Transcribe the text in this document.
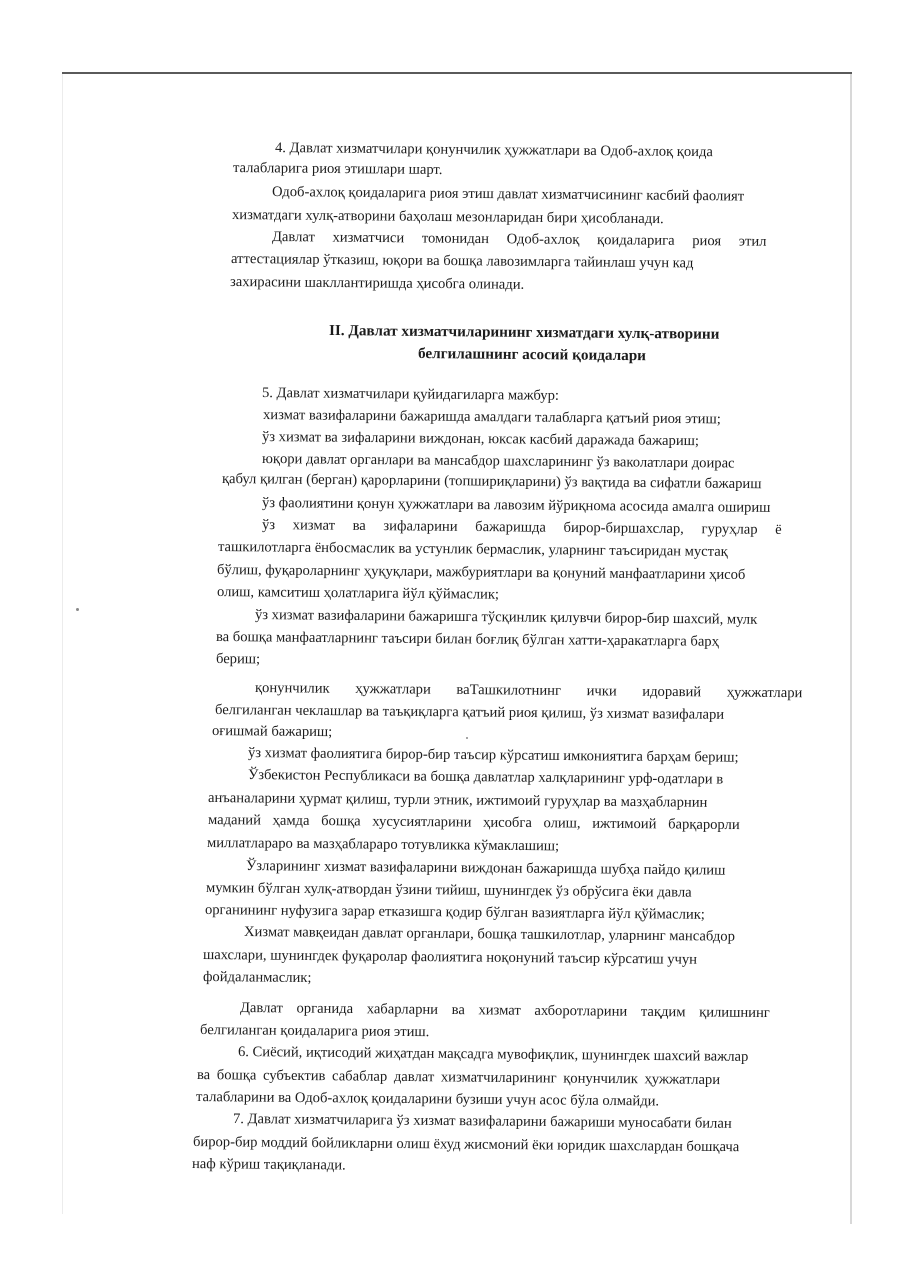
4. Давлат хизматчилари қонунчилик ҳужжатлари ва Одоб-ахлоқ қоида
талабларига риоя этишлари шарт.
Одоб-ахлоқ қоидаларига риоя этиш давлат хизматчисининг касбий фаолият
хизматдаги хулқ-атворини баҳолаш мезонларидан бири ҳисобланади.
Давлат хизматчиси томонидан Одоб-ахлоқ қоидаларига риоя этил
аттестациялар ўтказиш, юқори ва бошқа лавозимларга тайинлаш учун кад
захирасини шакллантиришда ҳисобга олинади.
II. Давлат хизматчиларининг хизматдаги хулқ-атворини
белгилашнинг асосий қоидалари
5. Давлат хизматчилари қуйидагиларга мажбур:
хизмат вазифаларини бажаришда амалдаги талабларга қатъий риоя этиш;
ўз хизмат ва зифаларини виждонан, юксак касбий даражада бажариш;
юқори давлат органлари ва мансабдор шахсларининг ўз ваколатлари доирас
қабул қилган (берган) қарорларини (топшириқларини) ўз вақтида ва сифатли бажариш
ўз фаолиятини қонун ҳужжатлари ва лавозим йўриқнома асосида амалга ошириш
ўз хизмат ва зифаларини бажаришда бирор-биршахслар, гуруҳлар ё
ташкилотларга ёнбосмаслик ва устунлик бермаслик, уларнинг таъсиридан мустақ
бўлиш, фуқароларнинг ҳуқуқлари, мажбуриятлари ва қонуний манфаатларини ҳисоб
олиш, камситиш ҳолатларига йўл қўймаслик;
ўз хизмат вазифаларини бажаришга тўсқинлик қилувчи бирор-бир шахсий, мулк
ва бошқа манфаатларнинг таъсири билан боғлиқ бўлган хатти-ҳаракатларга барҳ
бериш;
қонунчилик ҳужжатлари ваТашкилотнинг ички идоравий ҳужжатлари
белгиланган чеклашлар ва таъқиқларга қатъий риоя қилиш, ўз хизмат вазифалари
оғишмай бажариш;
ўз хизмат фаолиятига бирор-бир таъсир кўрсатиш имкониятига барҳам бериш;
Ўзбекистон Республикаси ва бошқа давлатлар халқларининг урф-одатлари в
анъаналарини ҳурмат қилиш, турли этник, ижтимоий гуруҳлар ва мазҳабларнин
маданий ҳамда бошқа хусусиятларини ҳисобга олиш, ижтимоий барқарорли
миллатлараро ва мазҳаблараро тотувликка кўмаклашиш;
Ўзларининг хизмат вазифаларини виждонан бажаришда шубҳа пайдо қилиш
мумкин бўлган хулқ-атвордан ўзини тийиш, шунингдек ўз обрўсига ёки давла
органининг нуфузига зарар етказишга қодир бўлган вазиятларга йўл қўймаслик;
Хизмат мавқеидан давлат органлари, бошқа ташкилотлар, уларнинг мансабдор
шахслари, шунингдек фуқаролар фаолиятига ноқонуний таъсир кўрсатиш учун
фойдаланмаслик;
Давлат органида хабарларни ва хизмат ахборотларини тақдим қилишнинг
белгиланган қоидаларига риоя этиш.
6. Сиёсий, иқтисодий жиҳатдан мақсадга мувофиқлик, шунингдек шахсий важлар
ва бошқа субъектив сабаблар давлат хизматчиларининг қонунчилик ҳужжатлари
талабларини ва Одоб-ахлоқ қоидаларини бузиши учун асос бўла олмайди.
7. Давлат хизматчиларига ўз хизмат вазифаларини бажариши муносабати билан
бирор-бир моддий бойликларни олиш ёхуд жисмоний ёки юридик шахслардан бошқача
наф кўриш тақиқланади.
